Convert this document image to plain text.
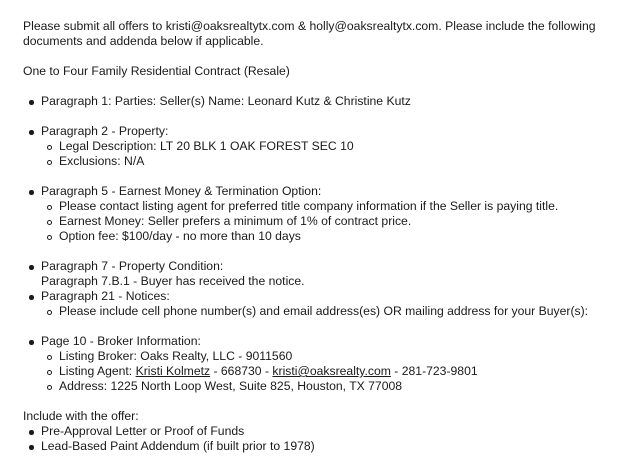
Please submit all offers to kristi@oaksrealtytx.com & holly@oaksrealtytx.com. Please include the following

documents and addenda below if applicable.

One to Four Family Residential Contract (Resale)

Paragraph 1: Parties: Seller(s) Name: Leonard Kutz & Christine Kutz
Paragraph 2 - Property:
Legal Description: LT 20 BLK 1 OAK FOREST SEC 10
Exclusions: N/A
Paragraph 5 - Earnest Money & Termination Option:
Please contact listing agent for preferred title company information if the Seller is paying title.
Earnest Money: Seller prefers a minimum of 1% of contract price.
Option fee: $100/day - no more than 10 days
Paragraph 7 - Property Condition:
Paragraph 7.B.1 - Buyer has received the notice.
Paragraph 21 - Notices:
Please include cell phone number(s) and email address(es) OR mailing address for your Buyer(s):
Page 10 - Broker Information:
Listing Broker: Oaks Realty, LLC - 9011560
Listing Agent: Kristi Kolmetz - 668730 - kristi@oaksrealty.com - 281-723-9801
Address: 1225 North Loop West, Suite 825, Houston, TX 77008

Include with the offer:

Pre-Approval Letter or Proof of Funds
Lead-Based Paint Addendum (if built prior to 1978)
